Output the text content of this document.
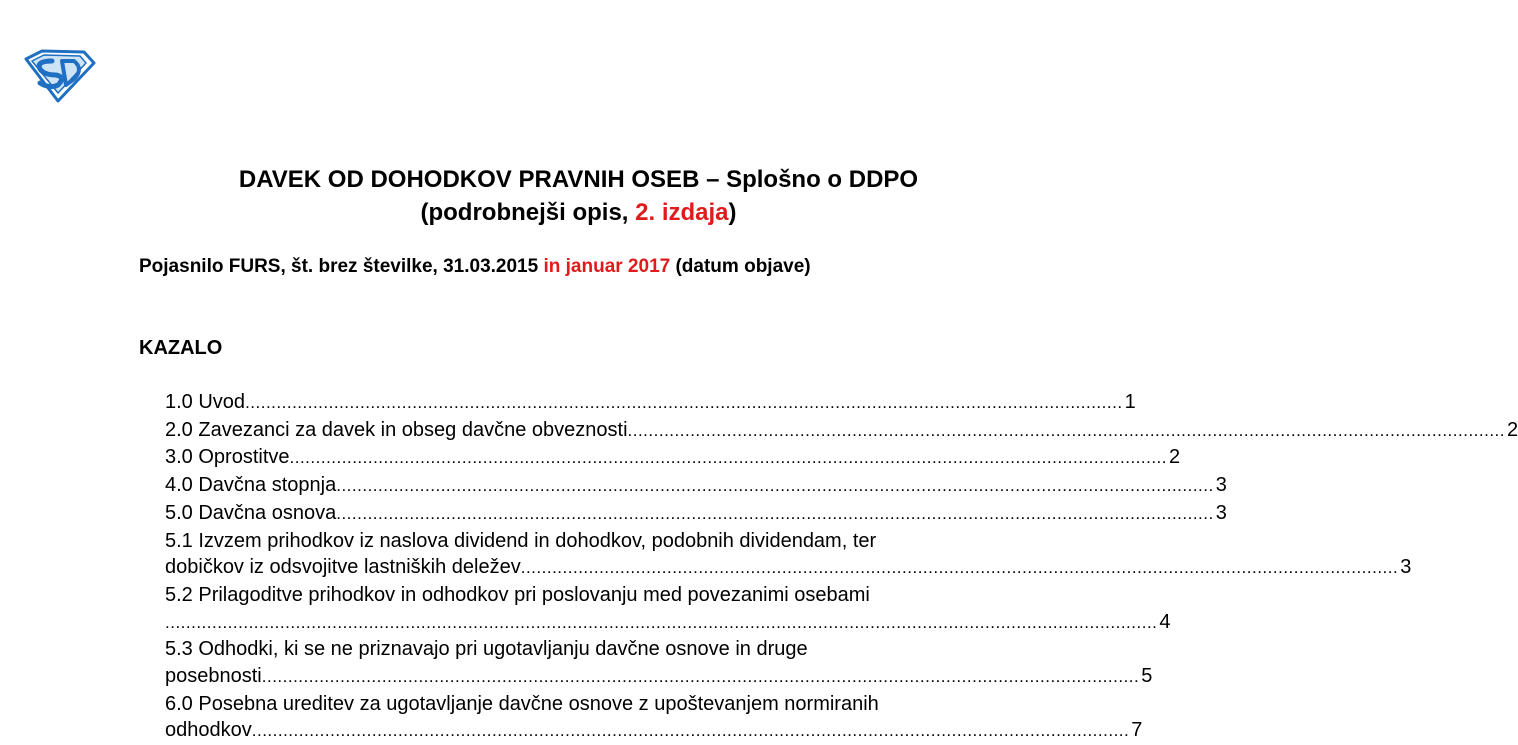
DAVEK OD DOHODKOV PRAVNIH OSEB – Splošno o DDPO
(podrobnejši opis, 2. izdaja)
Pojasnilo FURS, št. brez številke, 31.03.2015 in januar 2017 (datum objave)
KAZALO
1.0 Uvod ........................................................................................................................................................................ 1
2.0 Zavezanci za davek in obseg davčne obveznosti ........................................................................................................................................................................ 2
3.0 Oprostitve ........................................................................................................................................................................ 2
4.0 Davčna stopnja ........................................................................................................................................................................ 3
5.0 Davčna osnova ........................................................................................................................................................................ 3
5.1 Izvzem prihodkov iz naslova dividend in dohodkov, podobnih dividendam, ter
dobičkov iz odsvojitve lastniških deležev ........................................................................................................................................................................ 3
5.2 Prilagoditve prihodkov in odhodkov pri poslovanju med povezanimi osebami
.............................................................................................................................................................................................. 4
5.3 Odhodki, ki se ne priznavajo pri ugotavljanju davčne osnove in druge
posebnosti ........................................................................................................................................................................ 5
6.0 Posebna ureditev za ugotavljanje davčne osnove z upoštevanjem normiranih
odhodkov ........................................................................................................................................................................ 7
